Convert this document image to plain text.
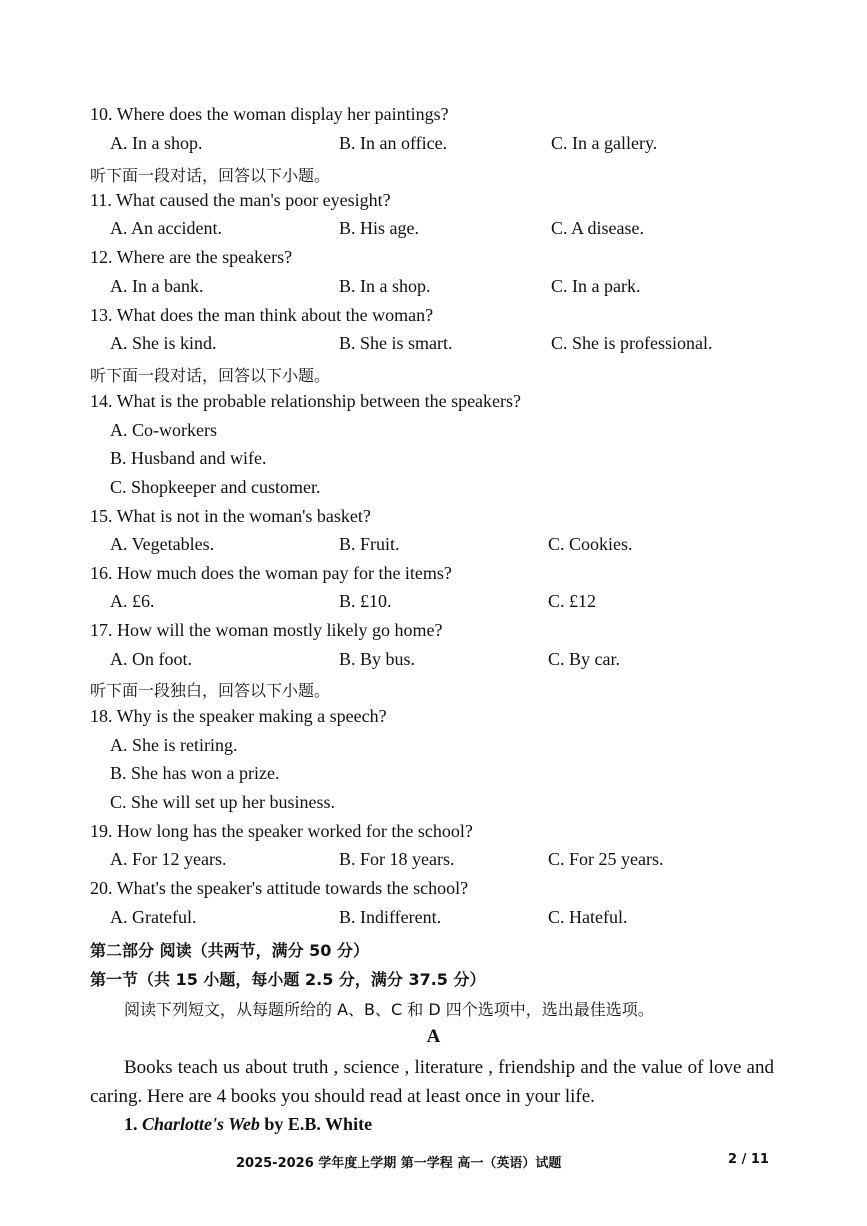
10. Where does the woman display her paintings?
A. In a shop.	B. In an office.	C. In a gallery.
听下面一段对话，回答以下小题。
11. What caused the man's poor eyesight?
A. An accident.	B. His age.	C. A disease.
12. Where are the speakers?
A. In a bank.	B. In a shop.	C. In a park.
13. What does the man think about the woman?
A. She is kind.	B. She is smart.	C. She is professional.
听下面一段对话，回答以下小题。
14. What is the probable relationship between the speakers?
A. Co-workers
B. Husband and wife.
C. Shopkeeper and customer.
15. What is not in the woman's basket?
A. Vegetables.	B. Fruit.	C. Cookies.
16. How much does the woman pay for the items?
A. £6.	B. £10.	C. £12
17. How will the woman mostly likely go home?
A. On foot.	B. By bus.	C. By car.
听下面一段独白，回答以下小题。
18. Why is the speaker making a speech?
A. She is retiring.
B. She has won a prize.
C. She will set up her business.
19. How long has the speaker worked for the school?
A. For 12 years.	B. For 18 years.	C. For 25 years.
20. What's the speaker's attitude towards the school?
A. Grateful.	B. Indifferent.	C. Hateful.
第二部分 阅读（共两节，满分 50 分）
第一节（共 15 小题，每小题 2.5 分，满分 37.5 分）
阅读下列短文，从每题所给的 A、B、C 和 D 四个选项中，选出最佳选项。
A
Books teach us about truth , science , literature , friendship and the value of love and caring. Here are 4 books you should read at least once in your life.
1. Charlotte's Web by E.B. White
2025-2026 学年度上学期 第一学程 高一（英语）试题	2 / 11
